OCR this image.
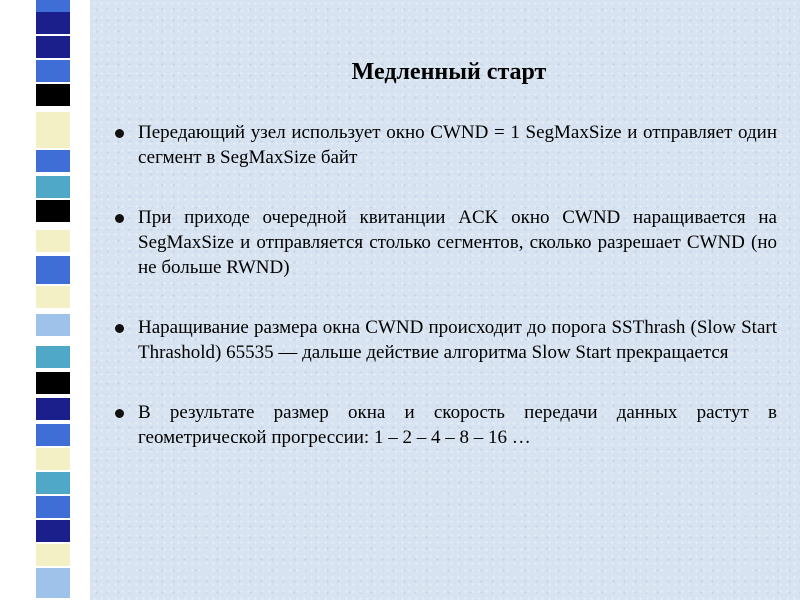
Медленный старт
Передающий узел использует окно CWND = 1 SegMaxSize и отправляет один сегмент в SegMaxSize байт
При приходе очередной квитанции ACK окно CWND наращивается на SegMaxSize и отправляется столько сегментов, сколько разрешает CWND (но не больше RWND)
Наращивание размера окна CWND происходит до порога SSThrash (Slow Start Thrashold) 65535 — дальше действие алгоритма Slow Start прекращается
В результате размер окна и скорость передачи данных растут в геометрической прогрессии: 1 – 2 – 4 – 8 – 16 …
